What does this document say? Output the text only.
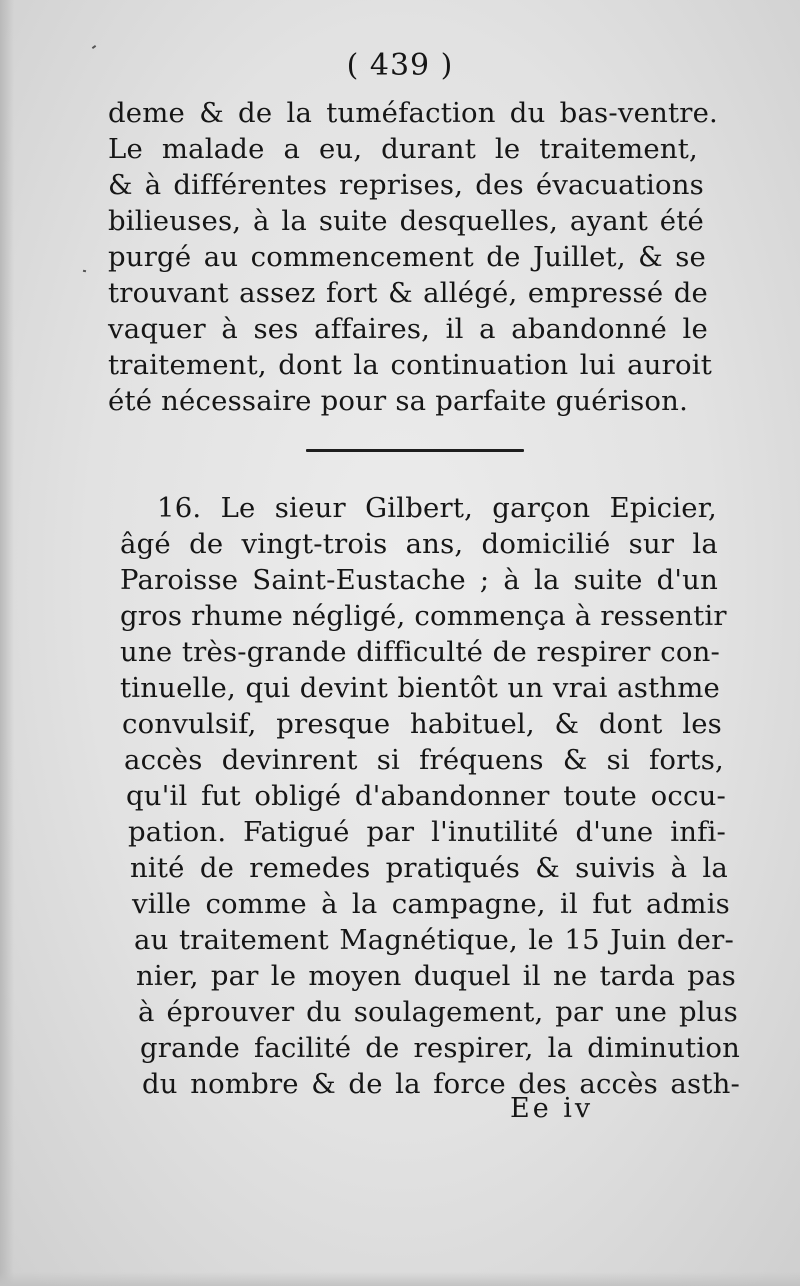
( 439 )
deme & de la tuméfaction du bas-ventre.
Le malade a eu, durant le traitement,
& à différentes reprises, des évacuations
bilieuses, à la suite desquelles, ayant été
purgé au commencement de Juillet, & se
trouvant assez fort & allégé, empressé de
vaquer à ses affaires, il a abandonné le
traitement, dont la continuation lui auroit
été nécessaire pour sa parfaite guérison.
16. Le sieur Gilbert, garçon Epicier,
âgé de vingt-trois ans, domicilié sur la
Paroisse Saint-Eustache ; à la suite d'un
gros rhume négligé, commença à ressentir
une très-grande difficulté de respirer con-
tinuelle, qui devint bientôt un vrai asthme
convulsif, presque habituel, & dont les
accès devinrent si fréquens & si forts,
qu'il fut obligé d'abandonner toute occu-
pation. Fatigué par l'inutilité d'une infi-
nité de remedes pratiqués & suivis à la
ville comme à la campagne, il fut admis
au traitement Magnétique, le 15 Juin der-
nier, par le moyen duquel il ne tarda pas
à éprouver du soulagement, par une plus
grande facilité de respirer, la diminution
du nombre & de la force des accès asth-
Ee iv
